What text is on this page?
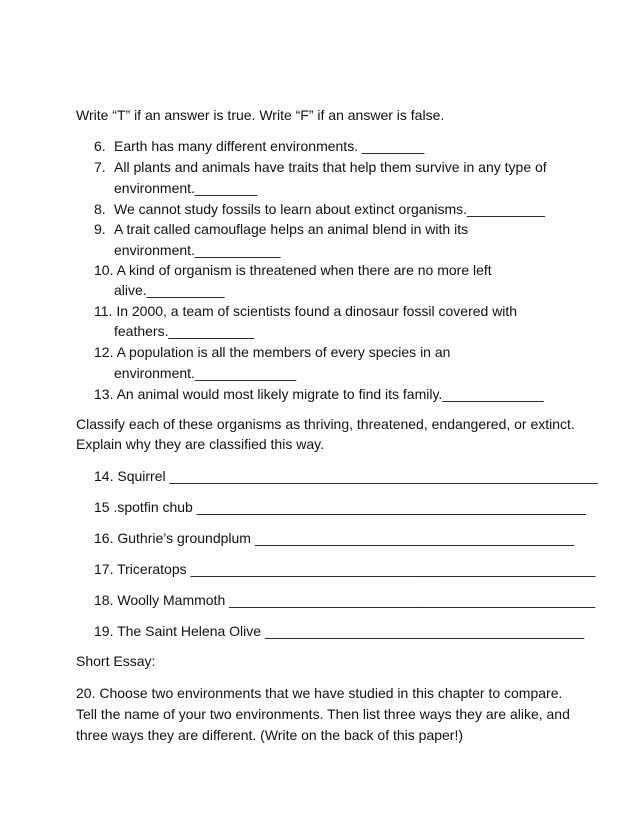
Write “T” if an answer is true. Write “F” if an answer is false.
6. Earth has many different environments. ________
7. All plants and animals have traits that help them survive in any type of
environment.________
8. We cannot study fossils to learn about extinct organisms.__________
9. A trait called camouflage helps an animal blend in with its
environment.___________
10. A kind of organism is threatened when there are no more left
alive.__________
11. In 2000, a team of scientists found a dinosaur fossil covered with
feathers.___________
12. A population is all the members of every species in an
environment._____________
13. An animal would most likely migrate to find its family._____________
Classify each of these organisms as thriving, threatened, endangered, or extinct.
Explain why they are classified this way.
14. Squirrel _______________________________________________________
15 .spotfin chub __________________________________________________
16. Guthrie’s groundplum _________________________________________
17. Triceratops ____________________________________________________
18. Woolly Mammoth _______________________________________________
19. The Saint Helena Olive _________________________________________
Short Essay:
20. Choose two environments that we have studied in this chapter to compare.
Tell the name of your two environments. Then list three ways they are alike, and
three ways they are different. (Write on the back of this paper!)
